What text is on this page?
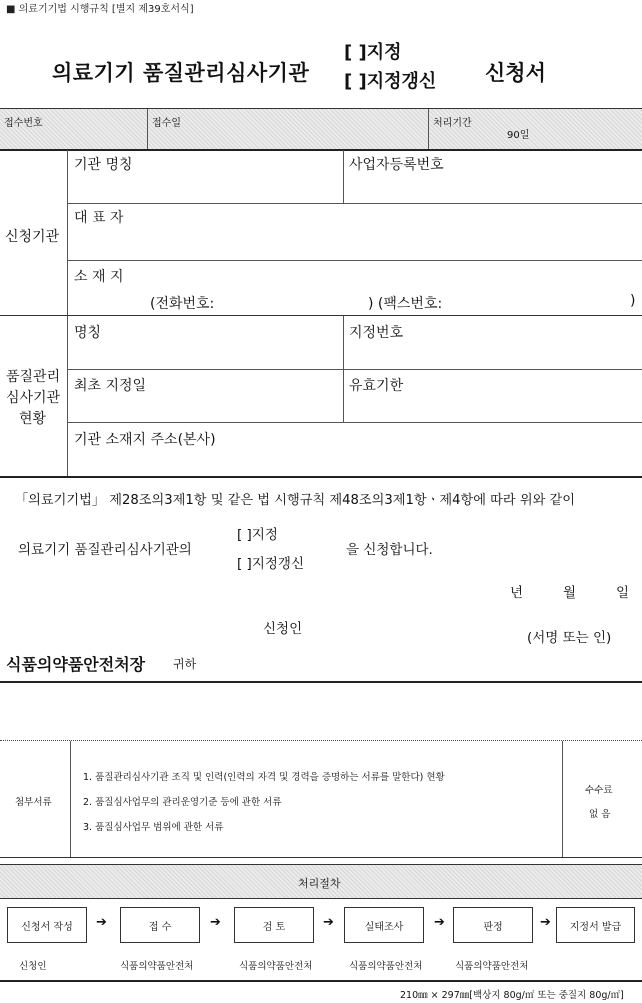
■ 의료기기법 시행규칙 [별지 제39호서식]
의료기기 품질관리심사기관
[ ]지정
[ ]지정갱신 신청서
접수번호	접수일	처리기간
90일
신청기관
기관 명칭	사업자등록번호
대 표 자
소 재 지
(전화번호:	) (팩스번호:	)
품질관리
심사기관
현황
명칭	지정번호
최초 지정일	유효기한
기관 소재지 주소(본사)
「의료기기법」 제28조의3제1항 및 같은 법 시행규칙 제48조의3제1항ㆍ제4항에 따라 위와 같이
의료기기 품질관리심사기관의
[ ]지정
[ ]지정갱신
을 신청합니다.
년	월	일
신청인
(서명 또는 인)
식품의약품안전처장 귀하
첨부서류
1. 품질관리심사기관 조직 및 인력(인력의 자격 및 경력을 증명하는 서류를 말한다) 현황
2. 품질심사업무의 관리운영기준 등에 관한 서류
3. 품질심사업무 범위에 관한 서류
수수료
없 음
처리절차
신청서 작성	➔	접 수	➔	검 토	➔	실태조사	➔	판정	➔	지정서 발급
신청인	식품의약품안전처	식품의약품안전처	식품의약품안전처	식품의약품안전처
210㎜ × 297㎜[백상지 80g/㎡ 또는 중질지 80g/㎡]
